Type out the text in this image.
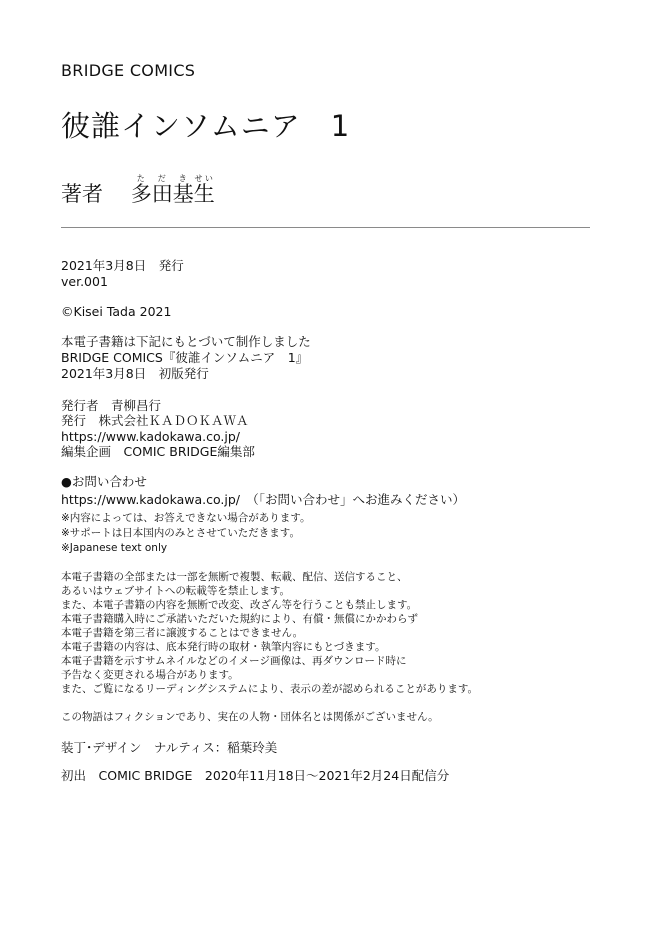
BRIDGE COMICS
彼誰インソムニア　1
著者　 多た田だ基き生せい
2021年3月8日　発行
ver.001
©Kisei Tada 2021
本電子書籍は下記にもとづいて制作しました
BRIDGE COMICS『彼誰インソムニア　1』
2021年3月8日　初版発行
発行者　青柳昌行
発行　株式会社ＫＡＤＯＫＡＷＡ
https://www.kadokawa.co.jp/
編集企画　COMIC BRIDGE編集部
●お問い合わせ
https://www.kadokawa.co.jp/　（「お問い合わせ」へお進みください）
※内容によっては、お答えできない場合があります。
※サポートは日本国内のみとさせていただきます。
※Japanese text only
本電子書籍の全部または一部を無断で複製、転載、配信、送信すること、
あるいはウェブサイトへの転載等を禁止します。
また、本電子書籍の内容を無断で改変、改ざん等を行うことも禁止します。
本電子書籍購入時にご承諾いただいた規約により、有償・無償にかかわらず
本電子書籍を第三者に譲渡することはできません。
本電子書籍の内容は、底本発行時の取材・執筆内容にもとづきます。
本電子書籍を示すサムネイルなどのイメージ画像は、再ダウンロード時に
予告なく変更される場合があります。
また、ご覧になるリーディングシステムにより、表示の差が認められることがあります。
この物語はフィクションであり、実在の人物・団体名とは関係がございません。
装丁･デザイン　ナルティス：稲葉玲美
初出　COMIC BRIDGE　2020年11月18日～2021年2月24日配信分
